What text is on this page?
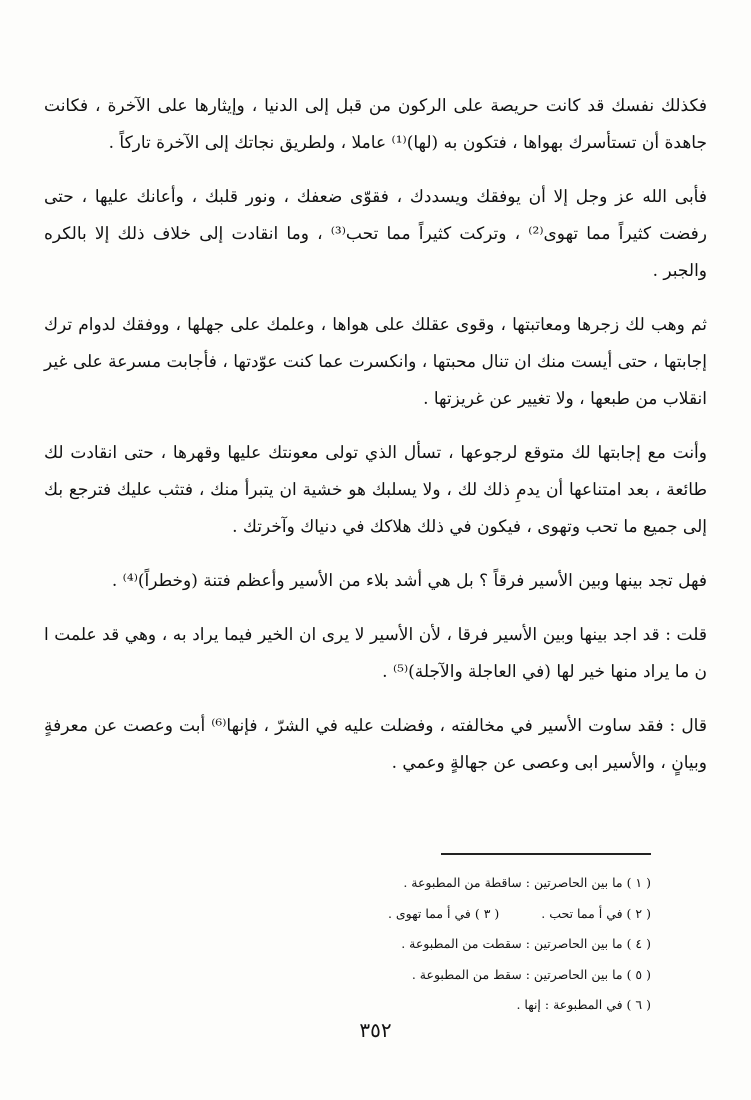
فكذلك نفسك قد كانت حريصة على الركون من قبل إلى الدنيا ، وإيثارها على الآخرة ، فكانت جاهدة أن تستأسرك بهواها ، فتكون به (لها)⁽¹⁾ عاملا ، ولطريق نجاتك إلى الآخرة تاركاً .

فأبى الله عز وجل إلا أن يوفقك ويسددك ، فقوّى ضعفك ، ونور قلبك ، وأعانك عليها ، حتى رفضت كثيراً مما تهوى⁽²⁾ ، وتركت كثيراً مما تحب⁽³⁾ ، وما انقادت إلى خلاف ذلك إلا بالكره والجبر .

ثم وهب لك زجرها ومعاتبتها ، وقوى عقلك على هواها ، وعلمك على جهلها ، ووفقك لدوام ترك إجابتها ، حتى أيست منك ان تنال محبتها ، وانكسرت عما كنت عوّدتها ، فأجابت مسرعة على غير انقلاب من طبعها ، ولا تغيير عن غريزتها .

وأنت مع إجابتها لك متوقع لرجوعها ، تسأل الذي تولى معونتك عليها وقهرها ، حتى انقادت لك طائعة ، بعد امتناعها أن يدمِ ذلك لك ، ولا يسلبك هو خشية ان يتبرأ منك ، فتثب عليك فترجع بك إلى جميع ما تحب وتهوى ، فيكون في ذلك هلاكك في دنياك وآخرتك .

فهل تجد بينها وبين الأسير فرقاً ؟ بل هي أشد بلاء من الأسير وأعظم فتنة (وخطراً)⁽⁴⁾ .

قلت : قد اجد بينها وبين الأسير فرقا ، لأن الأسير لا يرى ان الخير فيما يراد به ، وهي قد علمت ا ن ما يراد منها خير لها (في العاجلة والآجلة)⁽⁵⁾ .

قال : فقد ساوت الأسير في مخالفته ، وفضلت عليه في الشرّ ، فإنها⁽⁶⁾ أبت وعصت عن معرفةٍ وبيانٍ ، والأسير ابى وعصى عن جهالةٍ وعمي .

( ١ ) ما بين الحاصرتين : ساقطة من المطبوعة .

( ٢ ) في أ مما تحب .( ٣ ) في أ مما تهوى .

( ٤ ) ما بين الحاصرتين : سقطت من المطبوعة .

( ٥ ) ما بين الحاصرتين : سقط من المطبوعة .

( ٦ ) في المطبوعة : إنها .

٣٥٢
